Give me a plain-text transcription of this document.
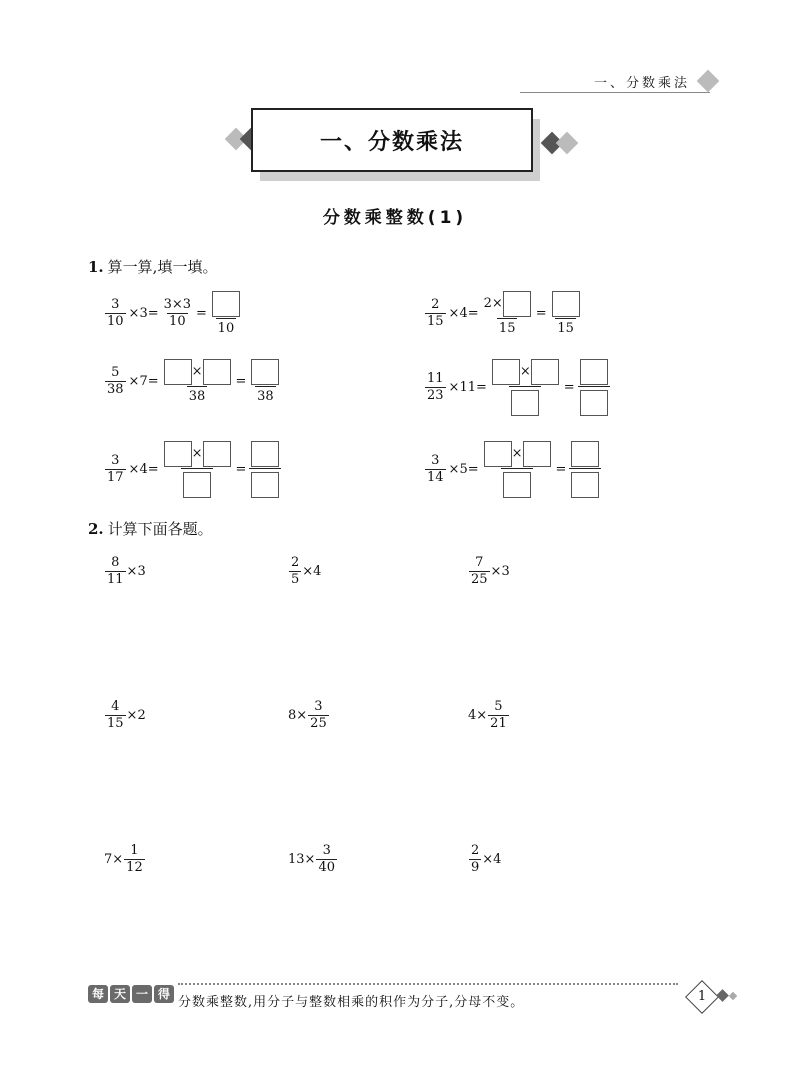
一、分数乘法
一、分数乘法
分数乘整数(1)
1. 算一算,填一填。
$\frac{3}{10} \times 3= \frac{3\times 3}{10}$ =
10	$\frac{2}{15} \times 4= \frac{2\times}{15}$ =
15
$\frac{5}{38} \times 7= \frac{\times}{38}$ =
38	$\frac{11}{23} \times 11=$
×
=
$\frac{3}{17} \times 4=$
×
=	$\frac{3}{14} \times 5=$
×
=
2. 计算下面各题。
$\frac{8}{11} \times 3$	$\frac{2}{5} \times 4$	$\frac{7}{25} \times 3$
$\frac{4}{15} \times 2$	$8\times \frac{3}{25}$	$4\times \frac{5}{21}$
$7\times \frac{1}{12}$	$13\times \frac{3}{40}$	$\frac{2}{9} \times 4$
每 天 一 得
分数乘整数,用分子与整数相乘的积作为分子,分母不变。	1
